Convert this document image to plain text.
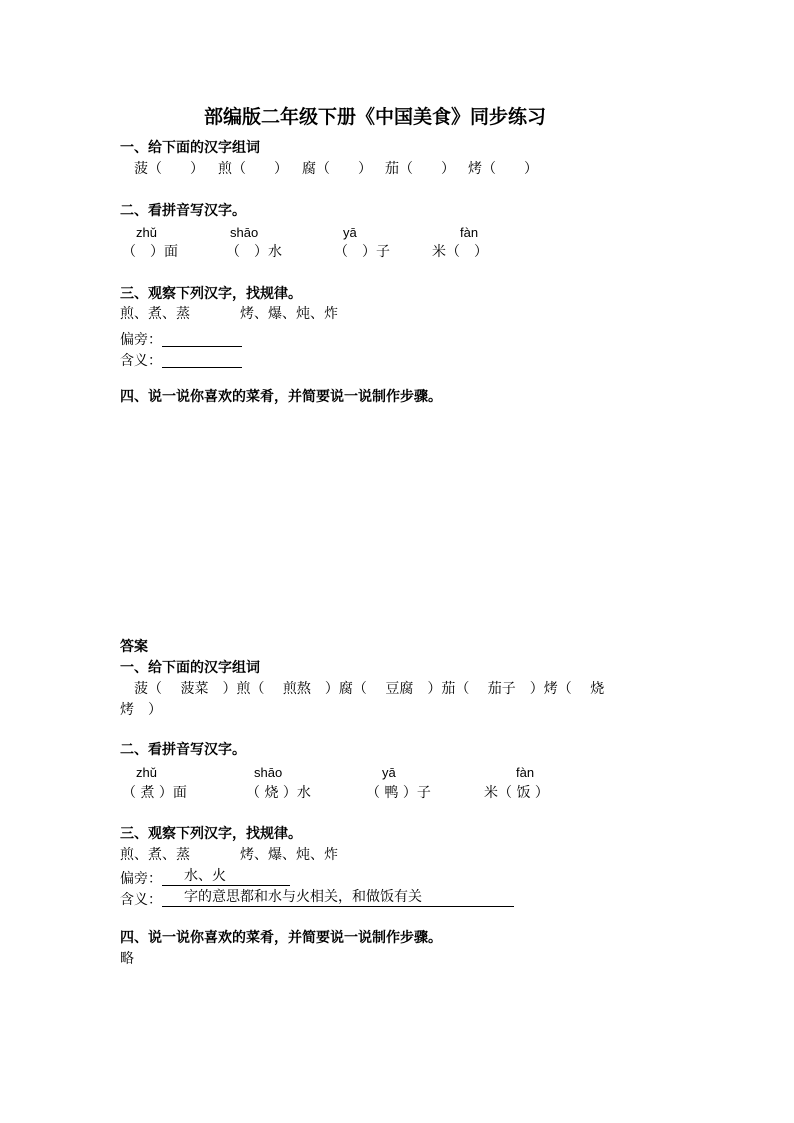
部编版二年级下册《中国美食》同步练习
一、给下面的汉字组词
菠（　　） 煎（　　） 腐（　　） 茄（　　） 烤（　　）
二、看拼音写汉字。
zhǔ	shāo	yā	fàn
（　）面	（　）水	（　）子	米（　）
三、观察下列汉字，找规律。
煎、煮、蒸	烤、爆、炖、炸
偏旁：
含义：
四、说一说你喜欢的菜肴，并简要说一说制作步骤。
答案
一、给下面的汉字组词
菠（　 菠菜　）煎（　 煎熬　）腐（　 豆腐　）茄（　 茄子　）烤（　 烧
烤　）
二、看拼音写汉字。
zhǔ	shāo	yā	fàn
（ 煮 ）面	（ 烧 ）水	（ 鸭 ）子	米（ 饭 ）
三、观察下列汉字，找规律。
煎、煮、蒸	烤、爆、炖、炸
偏旁： 水、火
含义： 字的意思都和水与火相关，和做饭有关
四、说一说你喜欢的菜肴，并简要说一说制作步骤。
略
